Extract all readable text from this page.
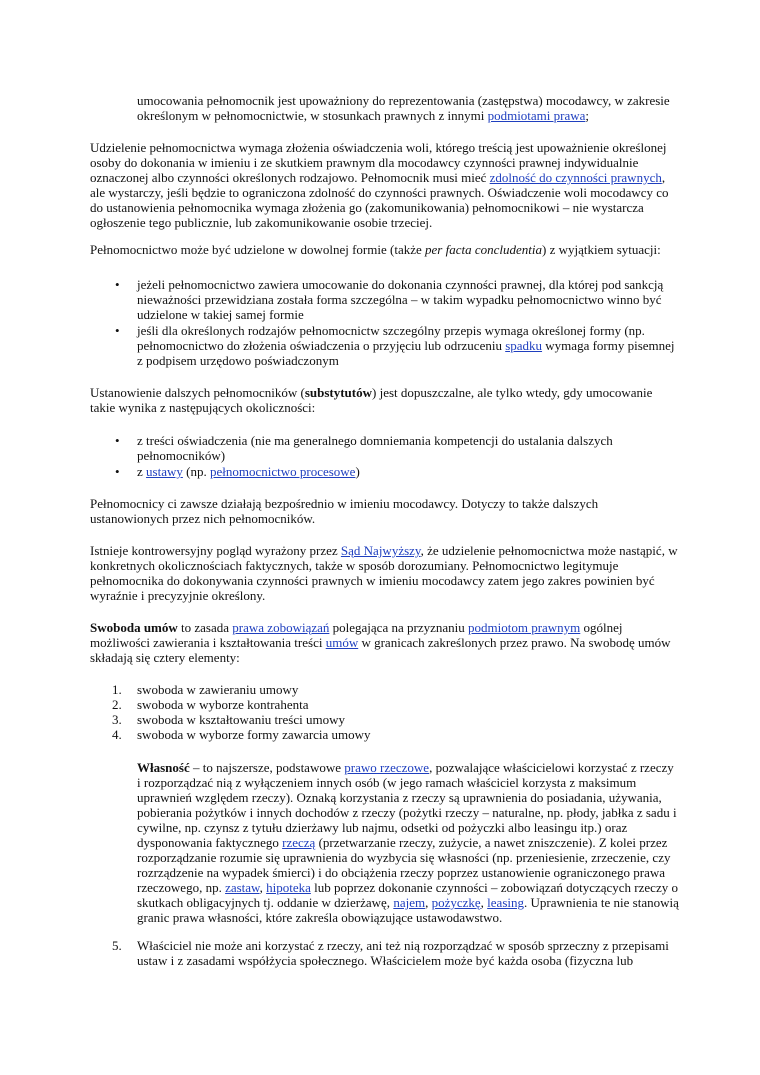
umocowania pełnomocnik jest upoważniony do reprezentowania (zastępstwa) mocodawcy, w zakresie
określonym w pełnomocnictwie, w stosunkach prawnych z innymi podmiotami prawa;
Udzielenie pełnomocnictwa wymaga złożenia oświadczenia woli, którego treścią jest upoważnienie określonej
osoby do dokonania w imieniu i ze skutkiem prawnym dla mocodawcy czynności prawnej indywidualnie
oznaczonej albo czynności określonych rodzajowo. Pełnomocnik musi mieć zdolność do czynności prawnych,
ale wystarczy, jeśli będzie to ograniczona zdolność do czynności prawnych. Oświadczenie woli mocodawcy co
do ustanowienia pełnomocnika wymaga złożenia go (zakomunikowania) pełnomocnikowi – nie wystarcza
ogłoszenie tego publicznie, lub zakomunikowanie osobie trzeciej.
Pełnomocnictwo może być udzielone w dowolnej formie (także per facta concludentia) z wyjątkiem sytuacji:
• jeżeli pełnomocnictwo zawiera umocowanie do dokonania czynności prawnej, dla której pod sankcją
nieważności przewidziana została forma szczególna – w takim wypadku pełnomocnictwo winno być
udzielone w takiej samej formie
• jeśli dla określonych rodzajów pełnomocnictw szczególny przepis wymaga określonej formy (np.
pełnomocnictwo do złożenia oświadczenia o przyjęciu lub odrzuceniu spadku wymaga formy pisemnej
z podpisem urzędowo poświadczonym
Ustanowienie dalszych pełnomocników (substytutów) jest dopuszczalne, ale tylko wtedy, gdy umocowanie
takie wynika z następujących okoliczności:
• z treści oświadczenia (nie ma generalnego domniemania kompetencji do ustalania dalszych
pełnomocników)
• z ustawy (np. pełnomocnictwo procesowe)
Pełnomocnicy ci zawsze działają bezpośrednio w imieniu mocodawcy. Dotyczy to także dalszych
ustanowionych przez nich pełnomocników.
Istnieje kontrowersyjny pogląd wyrażony przez Sąd Najwyższy, że udzielenie pełnomocnictwa może nastąpić, w
konkretnych okolicznościach faktycznych, także w sposób dorozumiany. Pełnomocnictwo legitymuje
pełnomocnika do dokonywania czynności prawnych w imieniu mocodawcy zatem jego zakres powinien być
wyraźnie i precyzyjnie określony.
Swoboda umów to zasada prawa zobowiązań polegająca na przyznaniu podmiotom prawnym ogólnej
możliwości zawierania i kształtowania treści umów w granicach zakreślonych przez prawo. Na swobodę umów
składają się cztery elementy:
1. swoboda w zawieraniu umowy
2. swoboda w wyborze kontrahenta
3. swoboda w kształtowaniu treści umowy
4. swoboda w wyborze formy zawarcia umowy
Własność – to najszersze, podstawowe prawo rzeczowe, pozwalające właścicielowi korzystać z rzeczy
i rozporządzać nią z wyłączeniem innych osób (w jego ramach właściciel korzysta z maksimum
uprawnień względem rzeczy). Oznaką korzystania z rzeczy są uprawnienia do posiadania, używania,
pobierania pożytków i innych dochodów z rzeczy (pożytki rzeczy – naturalne, np. płody, jabłka z sadu i
cywilne, np. czynsz z tytułu dzierżawy lub najmu, odsetki od pożyczki albo leasingu itp.) oraz
dysponowania faktycznego rzeczą (przetwarzanie rzeczy, zużycie, a nawet zniszczenie). Z kolei przez
rozporządzanie rozumie się uprawnienia do wyzbycia się własności (np. przeniesienie, zrzeczenie, czy
rozrządzenie na wypadek śmierci) i do obciążenia rzeczy poprzez ustanowienie ograniczonego prawa
rzeczowego, np. zastaw, hipoteka lub poprzez dokonanie czynności – zobowiązań dotyczących rzeczy o
skutkach obligacyjnych tj. oddanie w dzierżawę, najem, pożyczkę, leasing. Uprawnienia te nie stanowią
granic prawa własności, które zakreśla obowiązujące ustawodawstwo.
5. Właściciel nie może ani korzystać z rzeczy, ani też nią rozporządzać w sposób sprzeczny z przepisami
ustaw i z zasadami współżycia społecznego. Właścicielem może być każda osoba (fizyczna lub
